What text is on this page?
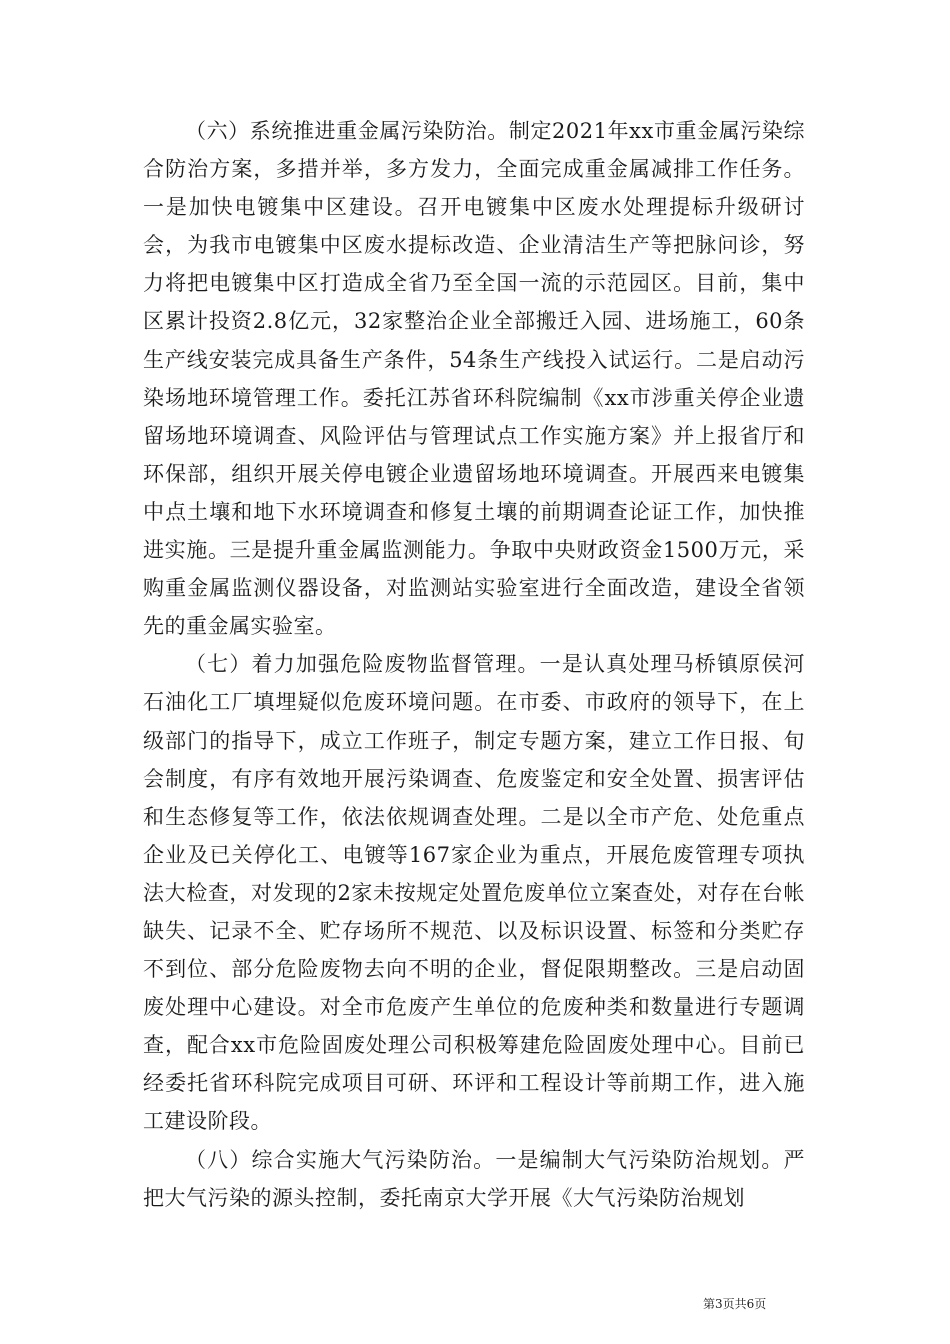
（六）系统推进重金属污染防治。制定2021年xx市重金属污染综合防治方案，多措并举，多方发力，全面完成重金属减排工作任务。一是加快电镀集中区建设。召开电镀集中区废水处理提标升级研讨会，为我市电镀集中区废水提标改造、企业清洁生产等把脉问诊，努力将把电镀集中区打造成全省乃至全国一流的示范园区。目前，集中区累计投资2.8亿元，32家整治企业全部搬迁入园、进场施工，60条生产线安装完成具备生产条件，54条生产线投入试运行。二是启动污染场地环境管理工作。委托江苏省环科院编制《xx市涉重关停企业遗留场地环境调查、风险评估与管理试点工作实施方案》并上报省厅和环保部，组织开展关停电镀企业遗留场地环境调查。开展西来电镀集中点土壤和地下水环境调查和修复土壤的前期调查论证工作，加快推进实施。三是提升重金属监测能力。争取中央财政资金1500万元，采购重金属监测仪器设备，对监测站实验室进行全面改造，建设全省领先的重金属实验室。

（七）着力加强危险废物监督管理。一是认真处理马桥镇原侯河石油化工厂填埋疑似危废环境问题。在市委、市政府的领导下，在上级部门的指导下，成立工作班子，制定专题方案，建立工作日报、旬会制度，有序有效地开展污染调查、危废鉴定和安全处置、损害评估和生态修复等工作，依法依规调查处理。二是以全市产危、处危重点企业及已关停化工、电镀等167家企业为重点，开展危废管理专项执法大检查，对发现的2家未按规定处置危废单位立案查处，对存在台帐缺失、记录不全、贮存场所不规范、以及标识设置、标签和分类贮存不到位、部分危险废物去向不明的企业，督促限期整改。三是启动固废处理中心建设。对全市危废产生单位的危废种类和数量进行专题调查，配合xx市危险固废处理公司积极筹建危险固废处理中心。目前已经委托省环科院完成项目可研、环评和工程设计等前期工作，进入施工建设阶段。

（八）综合实施大气污染防治。一是编制大气污染防治规划。严把大气污染的源头控制，委托南京大学开展《大气污染防治规划

第3页共6页
